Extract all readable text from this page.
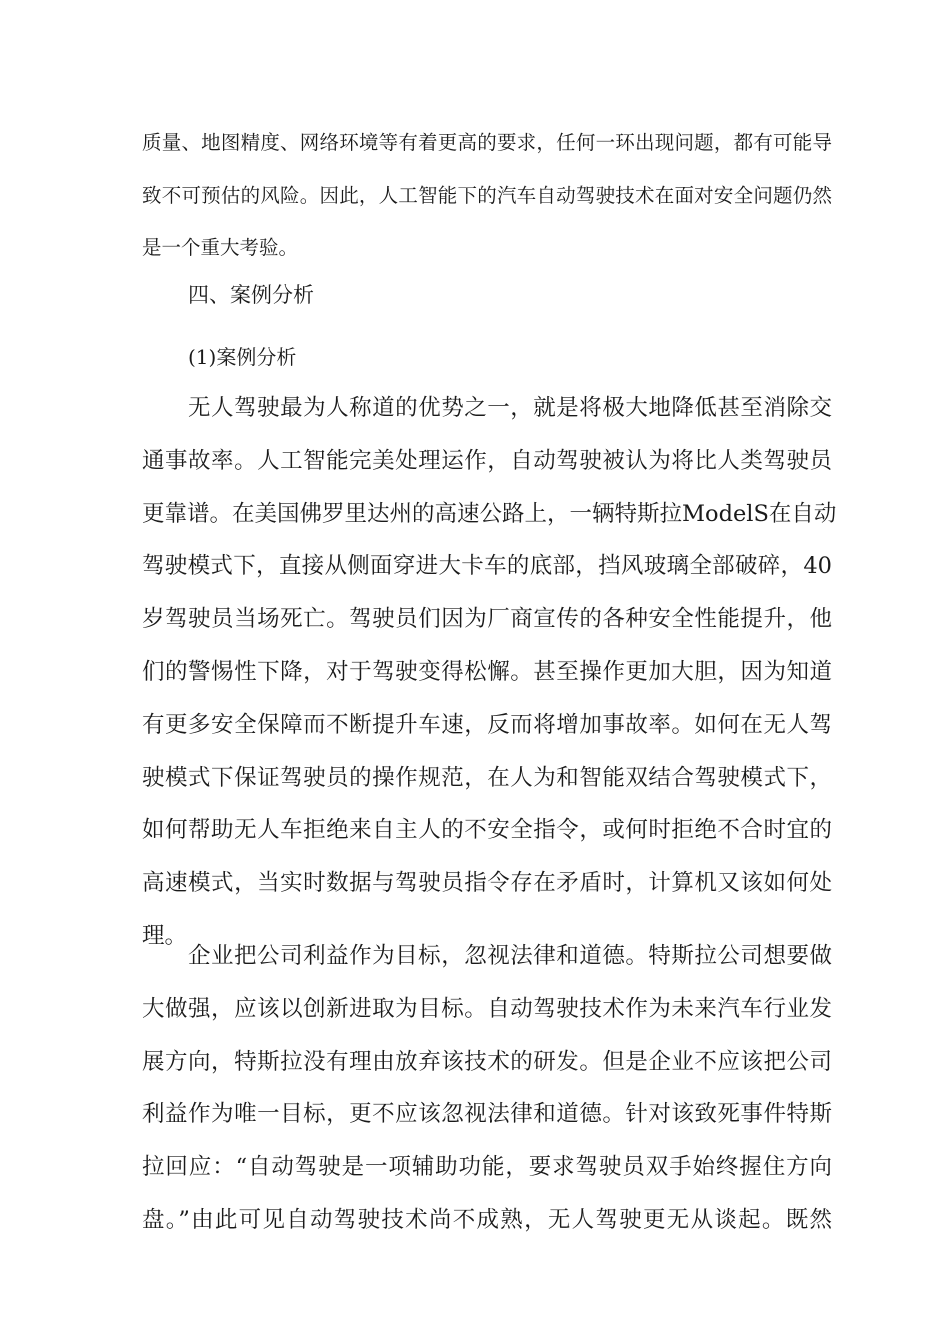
质量、地图精度、网络环境等有着更高的要求，任何一环出现问题，都有可能导
致不可预估的风险。因此，人工智能下的汽车自动驾驶技术在面对安全问题仍然
是一个重大考验。

四、案例分析
(1)案例分析

无人驾驶最为人称道的优势之一，就是将极大地降低甚至消除交
通事故率。人工智能完美处理运作，自动驾驶被认为将比人类驾驶员
更靠谱。在美国佛罗里达州的高速公路上，一辆特斯拉ModelS在自动
驾驶模式下，直接从侧面穿进大卡车的底部，挡风玻璃全部破碎，40
岁驾驶员当场死亡。驾驶员们因为厂商宣传的各种安全性能提升，他
们的警惕性下降，对于驾驶变得松懈。甚至操作更加大胆，因为知道
有更多安全保障而不断提升车速，反而将增加事故率。如何在无人驾
驶模式下保证驾驶员的操作规范，在人为和智能双结合驾驶模式下，
如何帮助无人车拒绝来自主人的不安全指令，或何时拒绝不合时宜的
高速模式，当实时数据与驾驶员指令存在矛盾时，计算机又该如何处
理。

企业把公司利益作为目标，忽视法律和道德。特斯拉公司想要做
大做强，应该以创新进取为目标。自动驾驶技术作为未来汽车行业发
展方向，特斯拉没有理由放弃该技术的研发。但是企业不应该把公司
利益作为唯一目标，更不应该忽视法律和道德。针对该致死事件特斯
拉回应：“自动驾驶是一项辅助功能，要求驾驶员双手始终握住方向
盘。”由此可见自动驾驶技术尚不成熟，无人驾驶更无从谈起。既然
